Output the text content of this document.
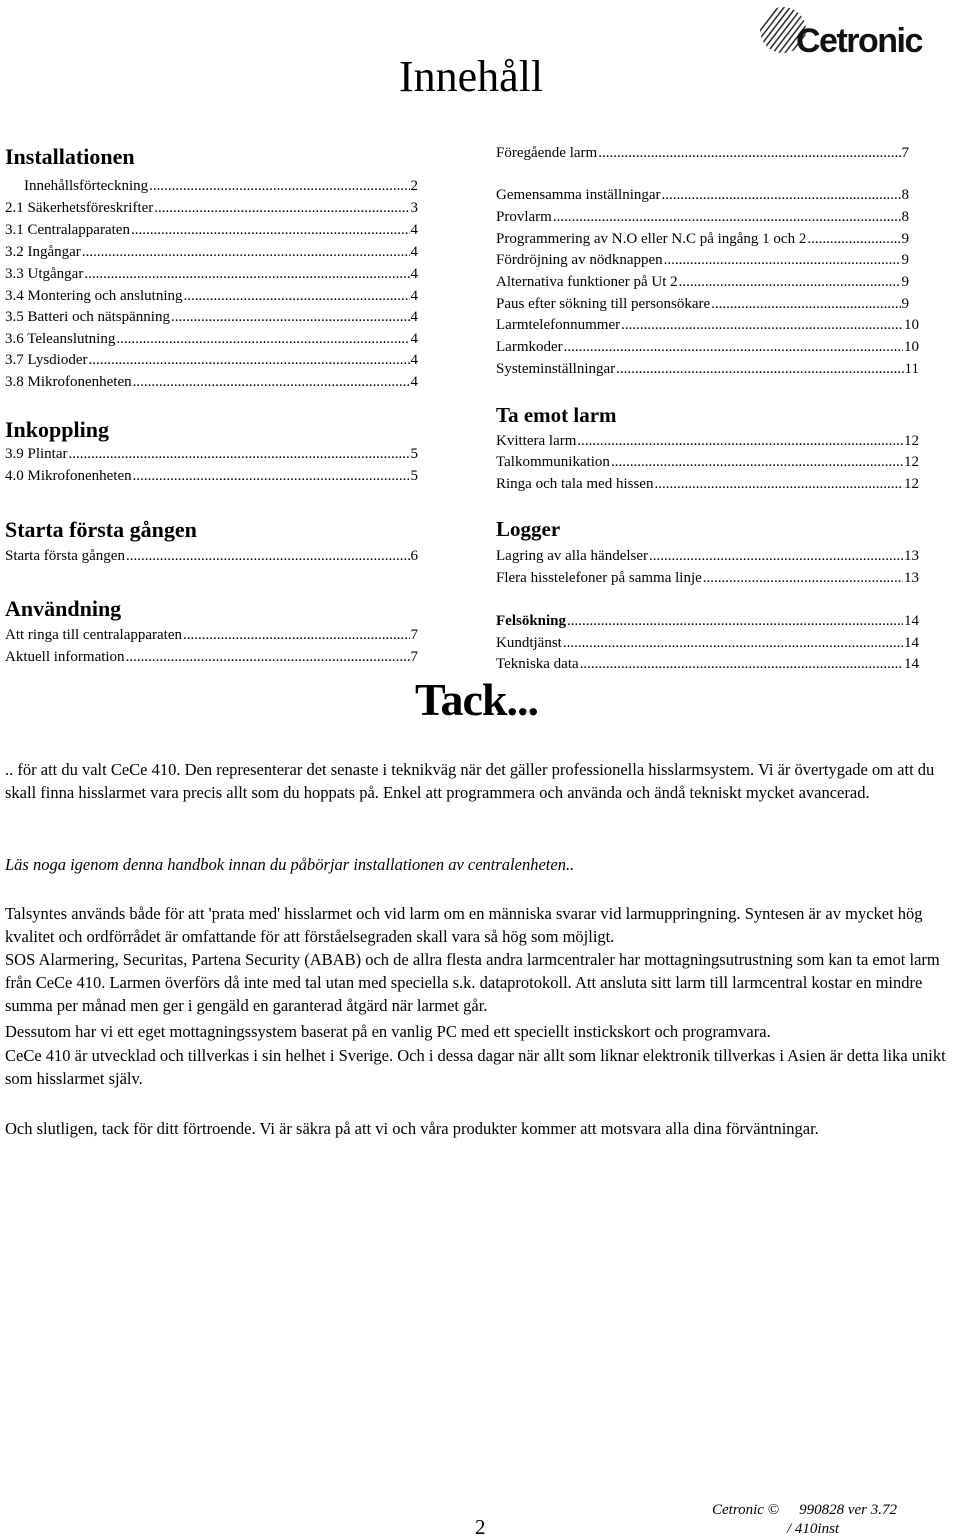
Cetronic
Innehåll
Installationen
Innehållsförteckning .....	2
2.1 Säkerhetsföreskrifter .....	3
3.1 Centralapparaten .....	4
3.2 Ingångar .....	4
3.3 Utgångar .....	4
3.4 Montering och anslutning .....	4
3.5 Batteri och nätspänning .....	4
3.6 Teleanslutning .....	4
3.7 Lysdioder .....	4
3.8 Mikrofonenheten .....	4
Inkoppling
3.9 Plintar .....	5
4.0 Mikrofonenheten .....	5
Starta första gången
Starta första gången .....	6
Användning
Att ringa till centralapparaten .....	7
Aktuell information .....	7
Föregående larm .....	7
Gemensamma inställningar .....	8
Provlarm .....	8
Programmering av N.O eller N.C på ingång 1 och 2 .....	9
Fördröjning av nödknappen .....	9
Alternativa funktioner på Ut 2 .....	9
Paus efter sökning till personsökare .....	9
Larmtelefonnummer .....	10
Larmkoder .....	10
Systeminställningar .....	11
Ta emot larm
Kvittera larm .....	12
Talkommunikation .....	12
Ringa och tala med hissen .....	12
Logger
Lagring av alla händelser .....	13
Flera hisstelefoner på samma linje .....	13
Felsökning .....	14
Kundtjänst .....	14
Tekniska data .....	14
Tack...

.. för att du valt CeCe 410. Den representerar det senaste i teknikväg när det gäller professionella hisslarmsystem. Vi är övertygade om att du skall finna hisslarmet vara precis allt som du hoppats på. Enkel att programmera och använda och ändå tekniskt mycket avancerad.

Läs noga igenom denna handbok innan du påbörjar installationen av centralenheten..

Talsyntes används både för att 'prata med' hisslarmet och vid larm om en människa svarar vid larmuppringning. Syntesen är av mycket hög kvalitet och ordförrådet är omfattande för att förståelsegraden skall vara så hög som möjligt.

SOS Alarmering, Securitas, Partena Security (ABAB) och de allra flesta andra larmcentraler har mottagningsutrustning som kan ta emot larm från CeCe 410. Larmen överförs då inte med tal utan med speciella s.k. dataprotokoll. Att ansluta sitt larm till larmcentral kostar en mindre summa per månad men ger i gengäld en garanterad åtgärd när larmet går.

Dessutom har vi ett eget mottagningssystem baserat på en vanlig PC med ett speciellt instickskort och programvara.

CeCe 410 är utvecklad och tillverkas i sin helhet i Sverige. Och i dessa dagar när allt som liknar elektronik tillverkas i Asien är detta lika unikt som hisslarmet själv.

Och slutligen, tack för ditt förtroende. Vi är säkra på att vi och våra produkter kommer att motsvara alla dina förväntningar.

2
Cetronic © 990828 ver 3.72
/ 410inst
